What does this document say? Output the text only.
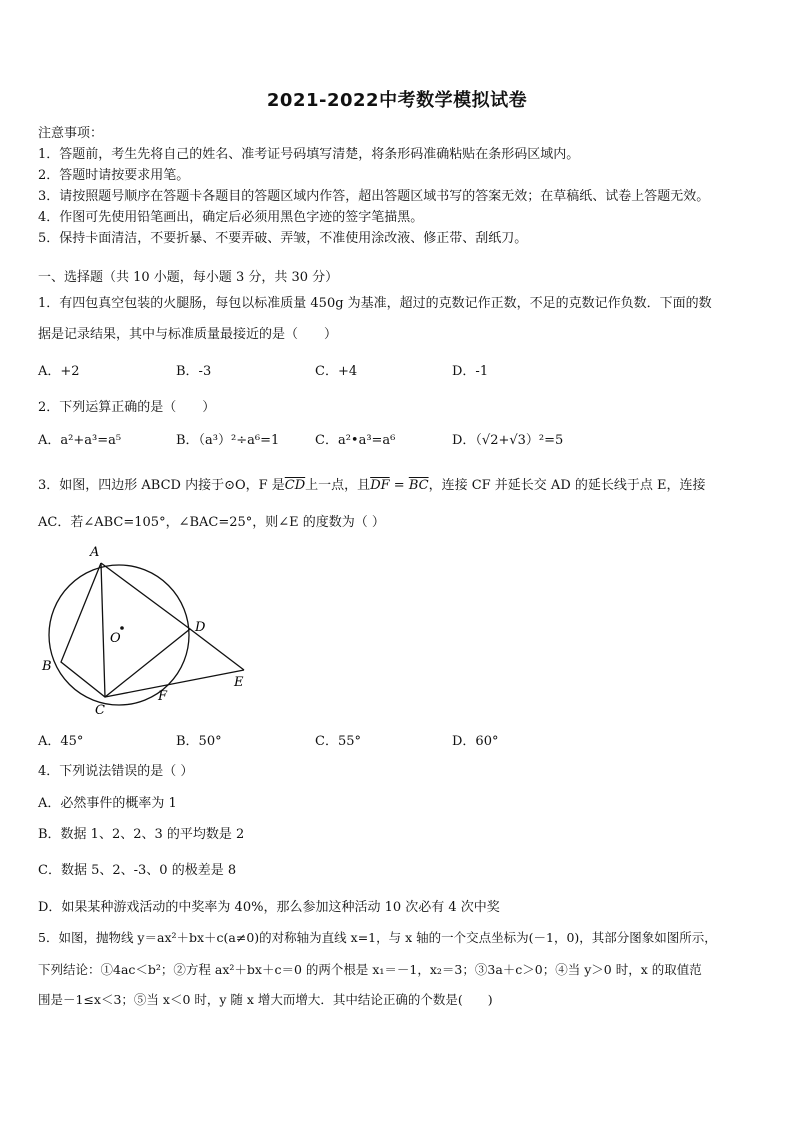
2021-2022中考数学模拟试卷
注意事项：
1．答题前，考生先将自己的姓名、准考证号码填写清楚，将条形码准确粘贴在条形码区域内。
2．答题时请按要求用笔。
3．请按照题号顺序在答题卡各题目的答题区域内作答，超出答题区域书写的答案无效；在草稿纸、试卷上答题无效。
4．作图可先使用铅笔画出，确定后必须用黑色字迹的签字笔描黑。
5．保持卡面清洁，不要折暴、不要弄破、弄皱，不准使用涂改液、修正带、刮纸刀。
一、选择题（共 10 小题，每小题 3 分，共 30 分）
1．有四包真空包装的火腿肠，每包以标准质量 450g 为基准，超过的克数记作正数，不足的克数记作负数．下面的数
据是记录结果，其中与标准质量最接近的是（　　）
A．+2	B．-3	C．+4	D．-1
2．下列运算正确的是（　　）
A．a²+a³=a⁵	B．（a³）²÷a⁶=1	C．a²•a³=a⁶	D．（√2+√3）²=5
3．如图，四边形 ABCD 内接于⊙O，F 是$\overline{CD}$上一点，且$\overline{DF} = \overline{BC}$，连接 CF 并延长交 AD 的延长线于点 E，连接
AC．若∠ABC=105°，∠BAC=25°，则∠E 的度数为（ ）
A
B
C
D
E
F
O
A．45°	B．50°	C．55°	D．60°
4．下列说法错误的是（ ）
A．必然事件的概率为 1
B．数据 1、2、2、3 的平均数是 2
C．数据 5、2、-3、0 的极差是 8
D．如果某种游戏活动的中奖率为 40%，那么参加这种活动 10 次必有 4 次中奖
5．如图，抛物线 y＝ax²＋bx＋c(a≠0)的对称轴为直线 x=1，与 x 轴的一个交点坐标为(－1，0)，其部分图象如图所示，
下列结论：①4ac＜b²；②方程 ax²＋bx＋c＝0 的两个根是 x₁＝－1，x₂＝3；③3a＋c＞0；④当 y＞0 时，x 的取值范
围是－1≤x＜3；⑤当 x＜0 时，y 随 x 增大而增大．其中结论正确的个数是(　　)
